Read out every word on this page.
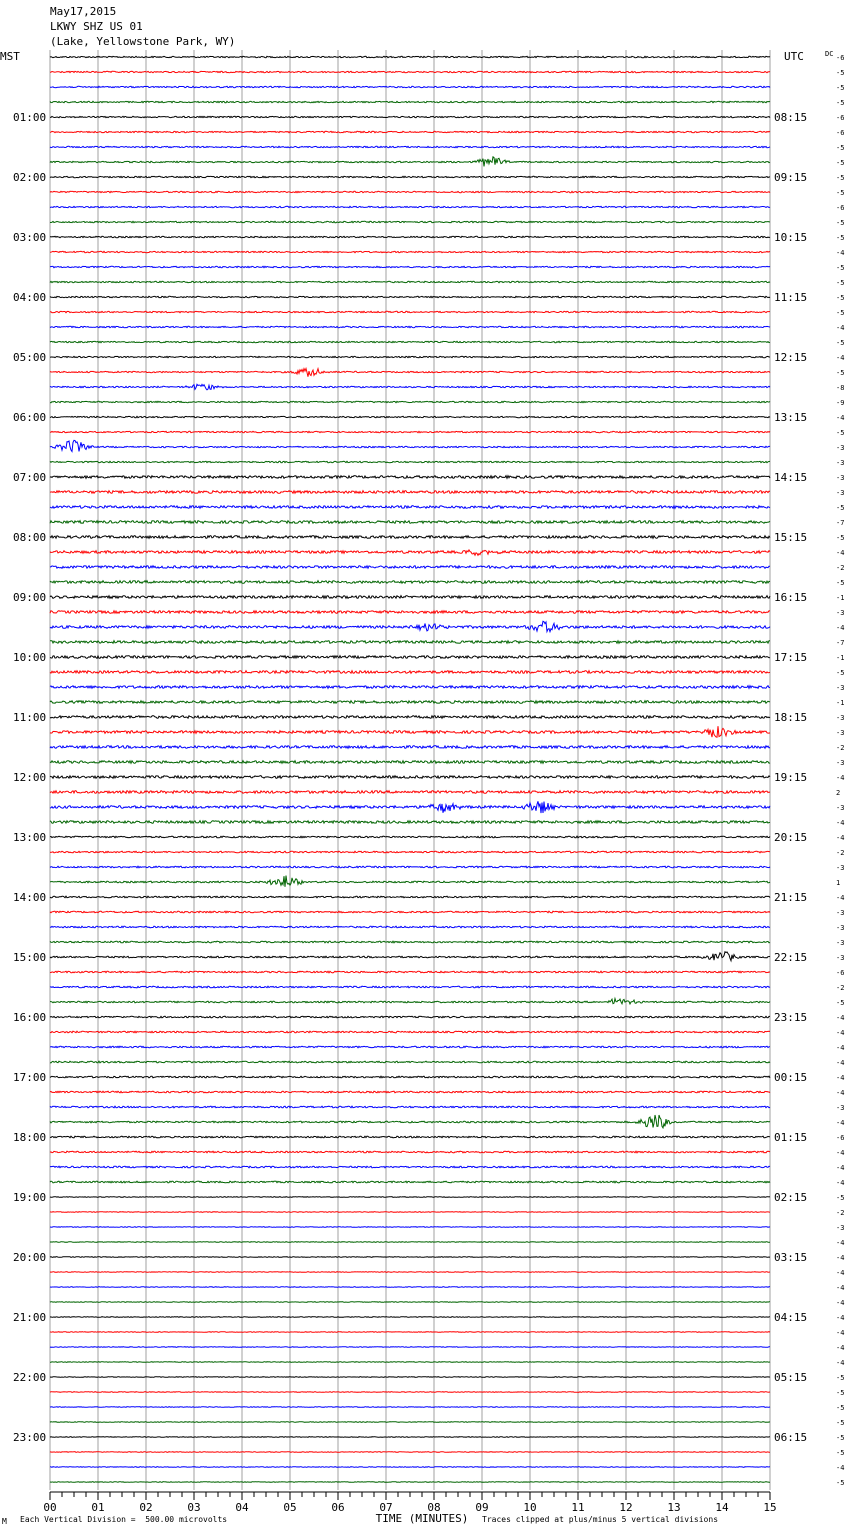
May17,2015
LKWY SHZ US 01
(Lake, Yellowstone Park, WY)
MST	UTC	-6
-5
-5
-5
-6
-6
-5
-5
-5
-5
-6
-5
-5
-4
-5
-5
-5
-5
-4
-5
-4
-5
-8
-9
-4
-5
-3
-3
-3
-3
-5
-7
-5
-4
-2
-5
-1
-3
-4
-7
-1
-5
-3
-1
-3
-3
-2
-3
-4
2
-3
-4
-4
-2
-3
1
-4
-3
-3
-3
-3
-6
-2
-5
-4
-4
-4
-4
-4
-4
-3
-4
-6
-4
-4
-4
-5
-2
-3
-4
-4
-4
-4
-4
-4
-4
-4
-4
-5
-5
-5
-5
-5
-5
-4
-5
DC
01:00
02:00
03:00
04:00
05:00
06:00
07:00
08:00
09:00
10:00
11:00
12:00
13:00
14:00
15:00
16:00
17:00
18:00
19:00
20:00
21:00
22:00
23:00
08:15
09:15
10:15
11:15
12:15
13:15
14:15
15:15
16:15
17:15
18:15
19:15
20:15
21:15
22:15
23:15
00:15
01:15
02:15
03:15
04:15
05:15
06:15
00	01	02	03	04	05	06	07	08	09	10	11	12	13	14	15
TIME (MINUTES)
M Each Vertical Division =  500.00 microvolts	Traces clipped at plus/minus 5 vertical divisions
